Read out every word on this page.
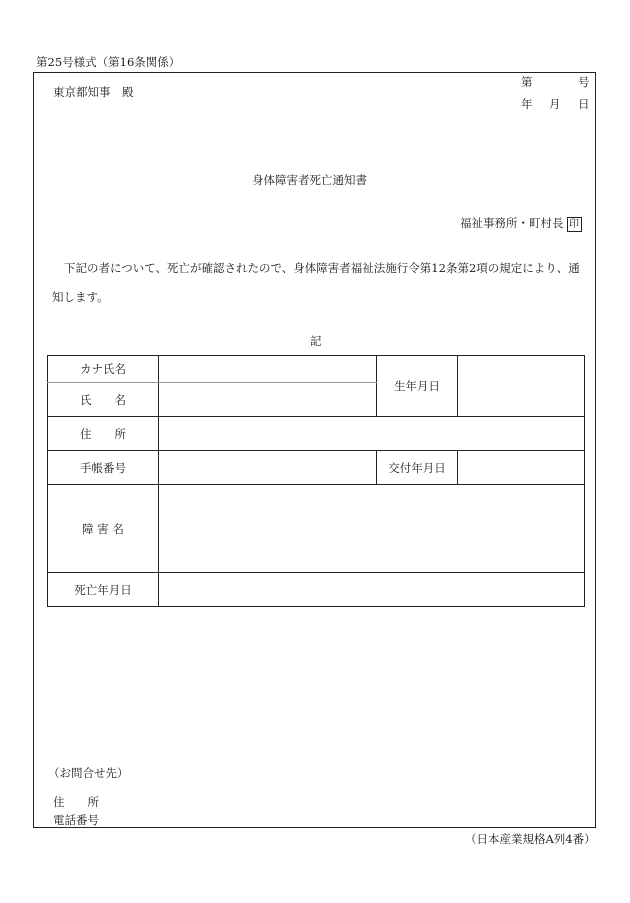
第25号様式（第16条関係）
東京都知事　殿
第	号
年 月 日
身体障害者死亡通知書
福祉事務所・町村長 印
下記の者について、死亡が確認されたので、身体障害者福祉法施行令第12条第2項の規定により、通
知します。
記
カナ氏名		生年月日	
氏　　名			
住　　所			
手帳番号		交付年月日	
障 害 名			
死亡年月日			
（お問合せ先）
住　　所
電話番号
（日本産業規格A列4番）
